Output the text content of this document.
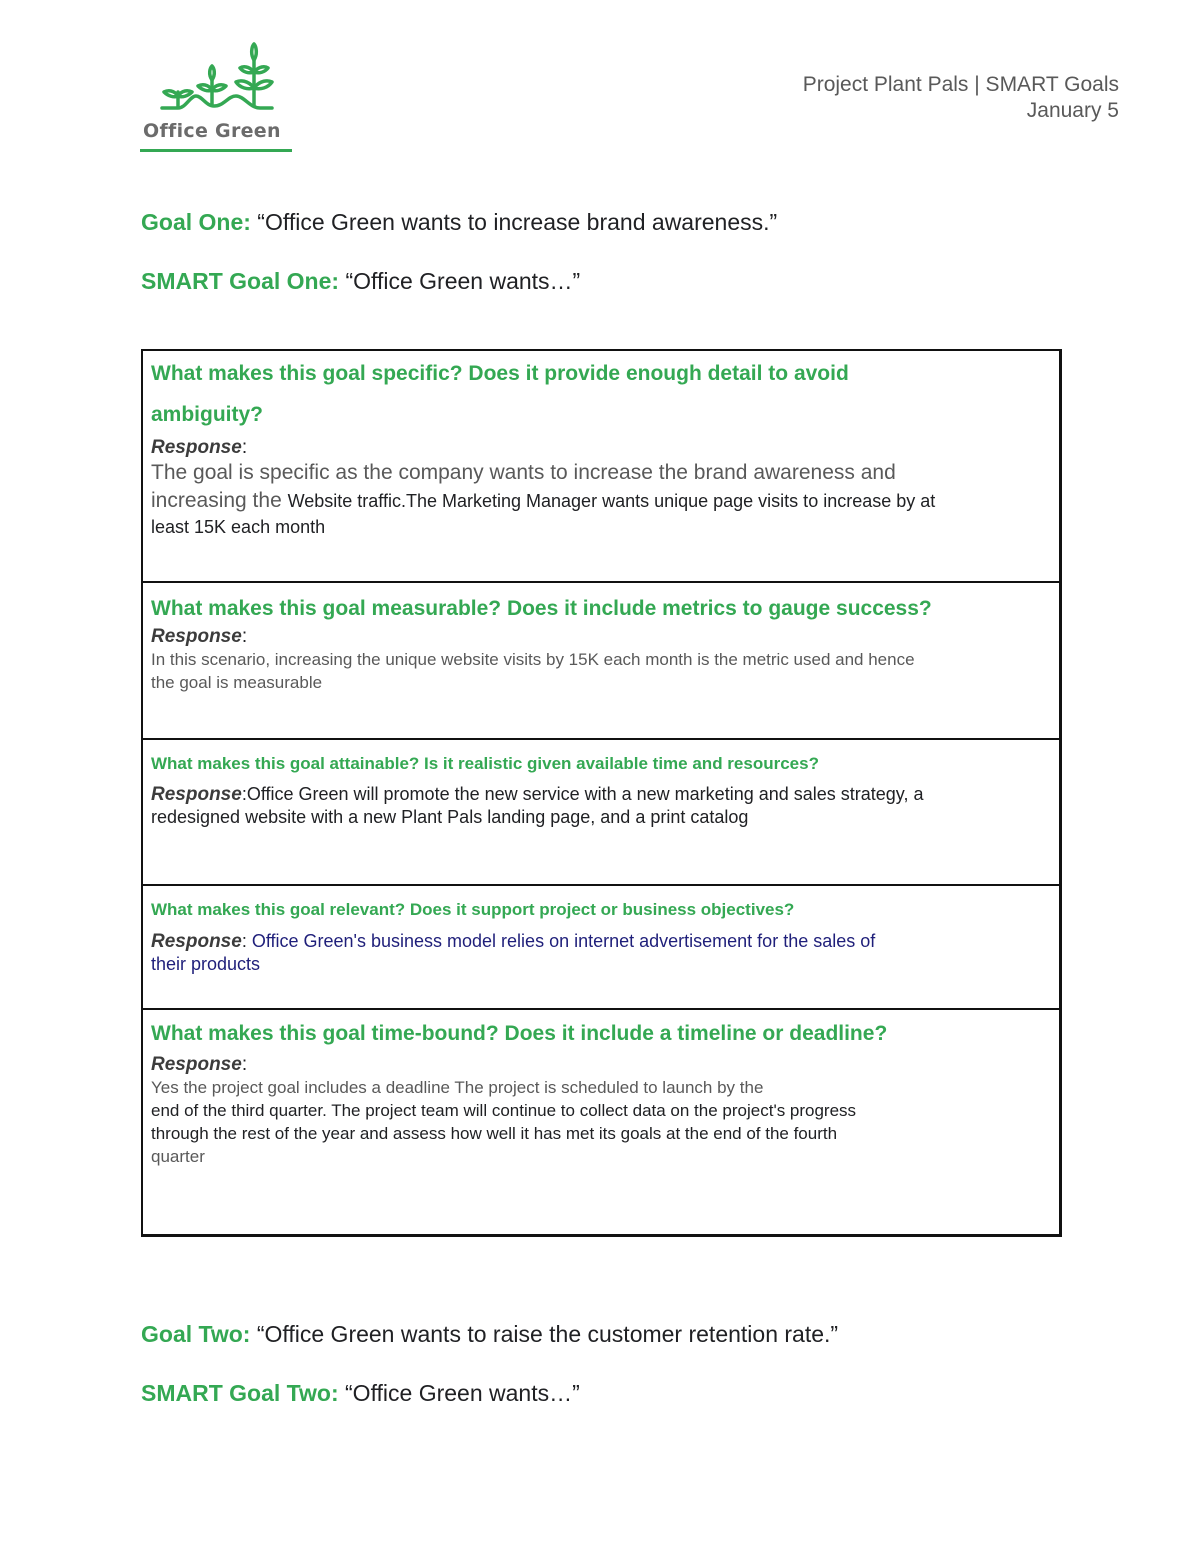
Office Green
Project Plant Pals | SMART Goals
January 5
Goal One: “Office Green wants to increase brand awareness.”
SMART Goal One: “Office Green wants…”
What makes this goal specific? Does it provide enough detail to avoid
ambiguity?
Response:
The goal is specific as the company wants to increase the brand awareness and
increasing the Website traffic.The Marketing Manager wants unique page visits to increase by at
least 15K each month
What makes this goal measurable? Does it include metrics to gauge success?
Response:
In this scenario, increasing the unique website visits by 15K each month is the metric used and hence
the goal is measurable
What makes this goal attainable? Is it realistic given available time and resources?
Response:Office Green will promote the new service with a new marketing and sales strategy, a
redesigned website with a new Plant Pals landing page, and a print catalog
What makes this goal relevant? Does it support project or business objectives?
Response: Office Green's business model relies on internet advertisement for the sales of
their products
What makes this goal time-bound? Does it include a timeline or deadline?
Response:
Yes the project goal includes a deadline The project is scheduled to launch by the
end of the third quarter. The project team will continue to collect data on the project's progress
through the rest of the year and assess how well it has met its goals at the end of the fourth
quarter
Goal Two: “Office Green wants to raise the customer retention rate.”
SMART Goal Two: “Office Green wants…”
